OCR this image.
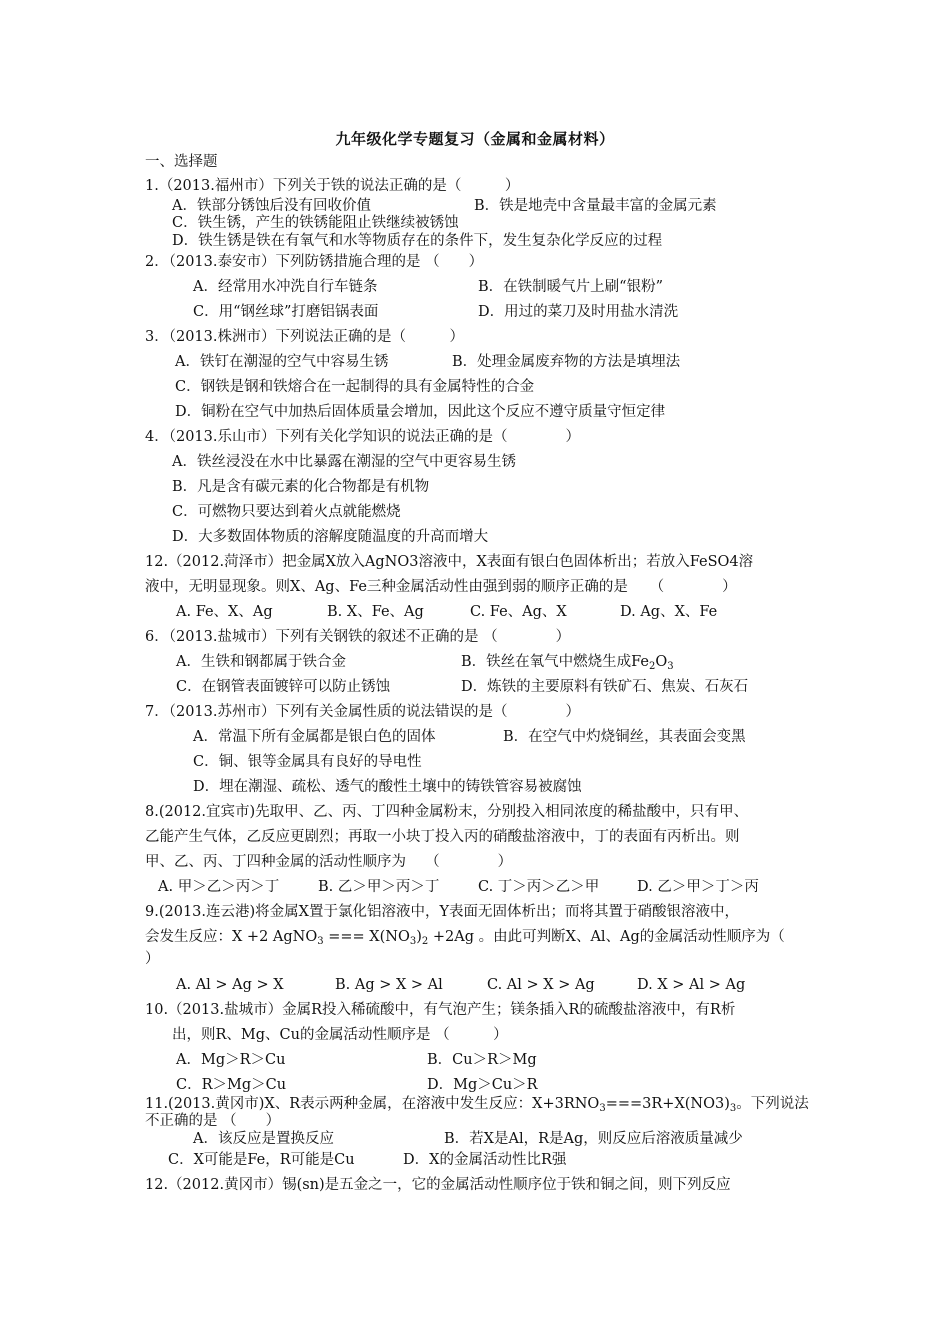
九年级化学专题复习（金属和金属材料）
一、选择题
1.（2013.福州市）下列关于铁的说法正确的是（　　　）
A．铁部分锈蚀后没有回收价值	B．铁是地壳中含量最丰富的金属元素
C．铁生锈，产生的铁锈能阻止铁继续被锈蚀
D．铁生锈是铁在有氧气和水等物质存在的条件下，发生复杂化学反应的过程
2．（2013.泰安市）下列防锈措施合理的是 （　　）
A．经常用水冲洗自行车链条	B．在铁制暖气片上刷“银粉”
C．用“钢丝球”打磨铝锅表面	D．用过的菜刀及时用盐水清洗
3．（2013.株洲市）下列说法正确的是（　　　）
A．铁钉在潮湿的空气中容易生锈	B．处理金属废弃物的方法是填埋法
C．钢铁是钢和铁熔合在一起制得的具有金属特性的合金
D．铜粉在空气中加热后固体质量会增加，因此这个反应不遵守质量守恒定律
4．（2013.乐山市）下列有关化学知识的说法正确的是（　　　　）
A．铁丝浸没在水中比暴露在潮湿的空气中更容易生锈
B．凡是含有碳元素的化合物都是有机物
C．可燃物只要达到着火点就能燃烧
D．大多数固体物质的溶解度随温度的升高而增大
12.（2012.菏泽市）把金属X放入AgNO3溶液中，X表面有银白色固体析出；若放入FeSO4溶
液中，无明显现象。则X、Ag、Fe三种金属活动性由强到弱的顺序正确的是　　（　　　　）
A. Fe、X、Ag	B. X、Fe、Ag	C. Fe、Ag、X	D. Ag、X、Fe
6．（2013.盐城市）下列有关钢铁的叙述不正确的是 （　　　　）
A．生铁和钢都属于铁合金	B．铁丝在氧气中燃烧生成$Fe_2O_3$
C．在钢管表面镀锌可以防止锈蚀	D．炼铁的主要原料有铁矿石、焦炭、石灰石
7．（2013.苏州市）下列有关金属性质的说法错误的是（　　　　）
A．常温下所有金属都是银白色的固体	B．在空气中灼烧铜丝，其表面会变黑
C．铜、银等金属具有良好的导电性
D．埋在潮湿、疏松、透气的酸性土壤中的铸铁管容易被腐蚀
8.(2012.宜宾市)先取甲、乙、丙、丁四种金属粉末，分别投入相同浓度的稀盐酸中，只有甲、
乙能产生气体，乙反应更剧烈；再取一小块丁投入丙的硝酸盐溶液中，丁的表面有丙析出。则
甲、乙、丙、丁四种金属的活动性顺序为　 （　　　　）
A. 甲＞乙＞丙＞丁	B. 乙＞甲＞丙＞丁	C. 丁＞丙＞乙＞甲	D. 乙＞甲＞丁＞丙
9.(2013.连云港)将金属X置于氯化铝溶液中，Y表面无固体析出；而将其置于硝酸银溶液中，
会发生反应：X +2 AgNO$_3$ === $X(NO_3)_2 +2Ag$ 。由此可判断X、Al、Ag的金属活动性顺序为（
）
A. Al > Ag > X	B. Ag > X > Al	C. Al > X > Ag	D. X > Al > Ag
10.（2013.盐城市）金属R投入稀硫酸中，有气泡产生；镁条插入R的硫酸盐溶液中，有R析
出，则R、Mg、Cu的金属活动性顺序是 （　　　）
A．Mg＞R＞Cu	B．Cu＞R＞Mg
C．R＞Mg＞Cu	D．Mg＞Cu＞R
11.(2013.黄冈市)X、R表示两种金属，在溶液中发生反应：$X+3RNO_3===3R+X(NO3)_3$。下列说法
不正确的是 （　　）
A．该反应是置换反应	B．若X是Al，R是Ag，则反应后溶液质量减少
C．X可能是Fe，R可能是Cu	D．X的金属活动性比R强
12.（2012.黄冈市）锡(sn)是五金之一，它的金属活动性顺序位于铁和铜之间，则下列反应
